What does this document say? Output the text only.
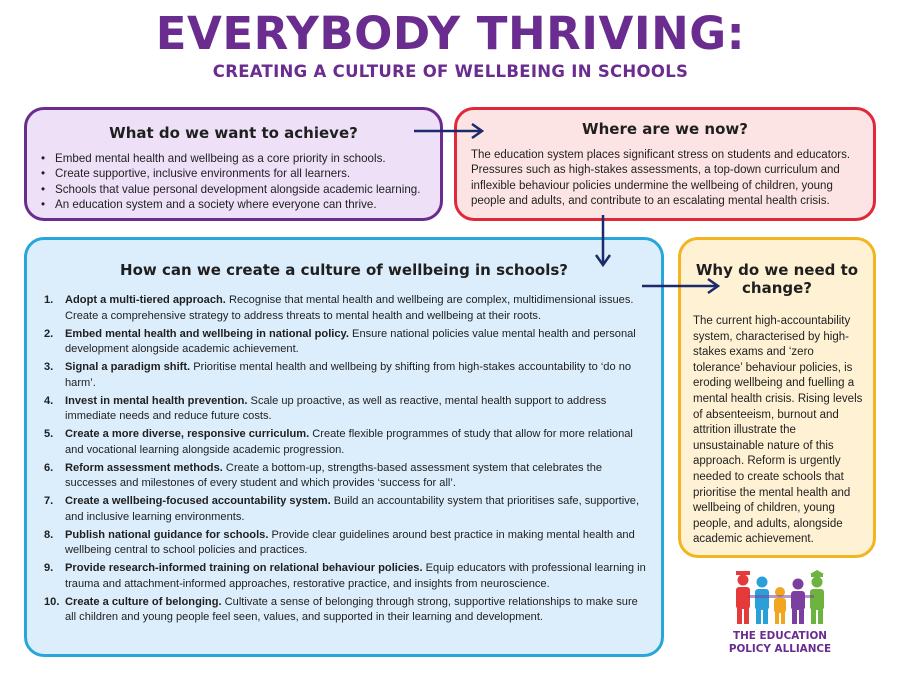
EVERYBODY THRIVING:
CREATING A CULTURE OF WELLBEING IN SCHOOLS
What do we want to achieve?
• Embed mental health and wellbeing as a core priority in schools.
• Create supportive, inclusive environments for all learners.
• Schools that value personal development alongside academic learning.
• An education system and a society where everyone can thrive.
Where are we now?

The education system places significant stress on students and educators. Pressures such as high-stakes assessments, a top-down curriculum and inflexible behaviour policies undermine the wellbeing of children, young people and adults, and contribute to an escalating mental health crisis.

How can we create a culture of wellbeing in schools?
1. Adopt a multi-tiered approach. Recognise that mental health and wellbeing are complex, multidimensional issues. Create a comprehensive strategy to address threats to mental health and wellbeing at their roots.
2. Embed mental health and wellbeing in national policy. Ensure national policies value mental health and personal development alongside academic achievement.
3. Signal a paradigm shift. Prioritise mental health and wellbeing by shifting from high-stakes accountability to ‘do no harm’.
4. Invest in mental health prevention. Scale up proactive, as well as reactive, mental health support to address immediate needs and reduce future costs.
5. Create a more diverse, responsive curriculum. Create flexible programmes of study that allow for more relational and vocational learning alongside academic progression.
6. Reform assessment methods. Create a bottom-up, strengths-based assessment system that celebrates the successes and milestones of every student and which provides ‘success for all’.
7. Create a wellbeing-focused accountability system. Build an accountability system that prioritises safe, supportive, and inclusive learning environments.
8. Publish national guidance for schools. Provide clear guidelines around best practice in making mental health and wellbeing central to school policies and practices.
9. Provide research-informed training on relational behaviour policies. Equip educators with professional learning in trauma and attachment-informed approaches, restorative practice, and insights from neuroscience.
10. Create a culture of belonging. Cultivate a sense of belonging through strong, supportive relationships to make sure all children and young people feel seen, values, and supported in their learning and development.
Why do we need to change?

The current high-accountability system, characterised by high-stakes exams and ‘zero tolerance’ behaviour policies, is eroding wellbeing and fuelling a mental health crisis. Rising levels of absenteeism, burnout and attrition illustrate the unsustainable nature of this approach. Reform is urgently needed to create schools that prioritise the mental health and wellbeing of children, young people, and adults, alongside academic achievement.

THE EDUCATION
POLICY ALLIANCE
